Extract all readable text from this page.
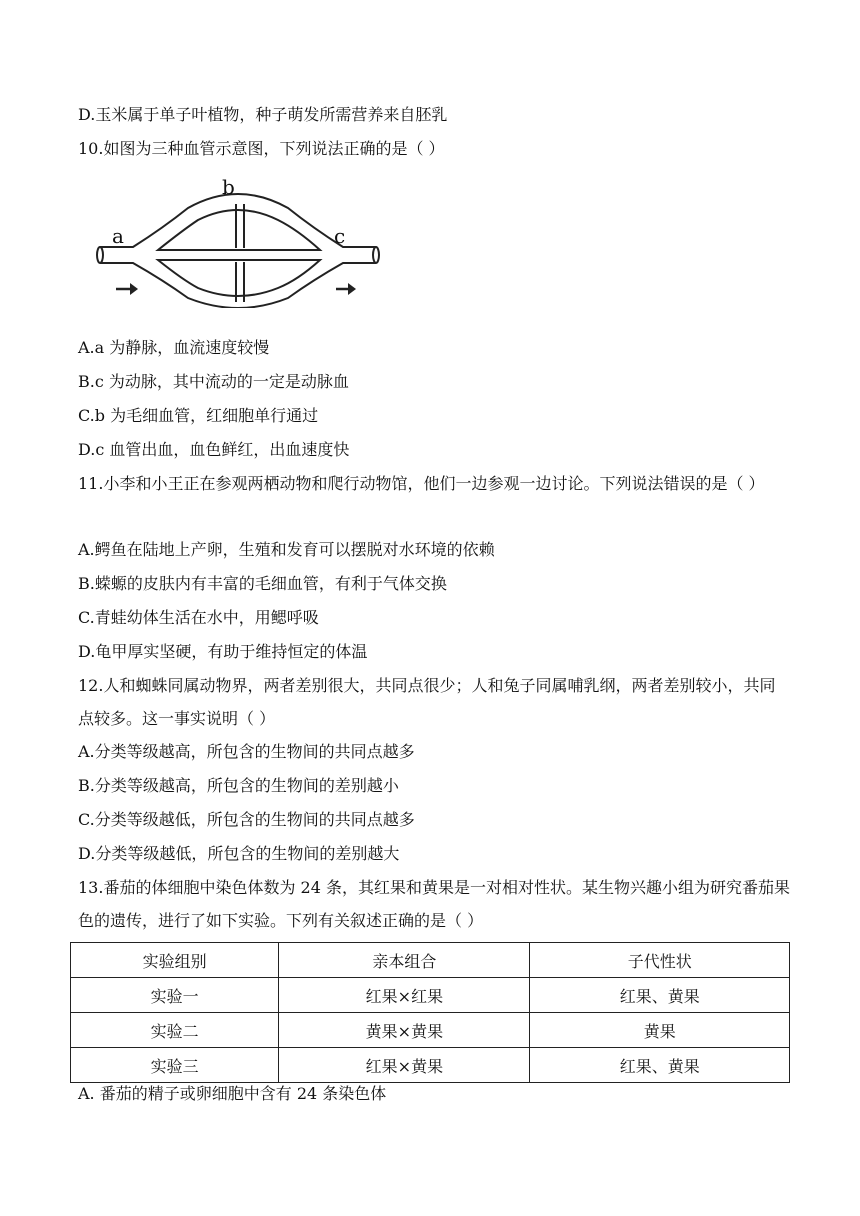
D.玉米属于单子叶植物，种子萌发所需营养来自胚乳
10.如图为三种血管示意图，下列说法正确的是（ ）
a
b
c
A.a 为静脉，血流速度较慢
B.c 为动脉，其中流动的一定是动脉血
C.b 为毛细血管，红细胞单行通过
D.c 血管出血，血色鲜红，出血速度快
11.小李和小王正在参观两栖动物和爬行动物馆，他们一边参观一边讨论。下列说法错误的是（ ）
A.鳄鱼在陆地上产卵，生殖和发育可以摆脱对水环境的依赖
B.蝾螈的皮肤内有丰富的毛细血管，有利于气体交换
C.青蛙幼体生活在水中，用鳃呼吸
D.龟甲厚实坚硬，有助于维持恒定的体温
12.人和蜘蛛同属动物界，两者差别很大，共同点很少；人和兔子同属哺乳纲，两者差别较小，共同点较多。这一事实说明（ ）
A.分类等级越高，所包含的生物间的共同点越多
B.分类等级越高，所包含的生物间的差别越小
C.分类等级越低，所包含的生物间的共同点越多
D.分类等级越低，所包含的生物间的差别越大
13.番茄的体细胞中染色体数为 24 条，其红果和黄果是一对相对性状。某生物兴趣小组为研究番茄果色的遗传，进行了如下实验。下列有关叙述正确的是（ ）
实验组别	亲本组合	子代性状
实验一	红果×红果	红果、黄果
实验二	黄果×黄果	黄果
实验三	红果×黄果	红果、黄果
A. 番茄的精子或卵细胞中含有 24 条染色体
